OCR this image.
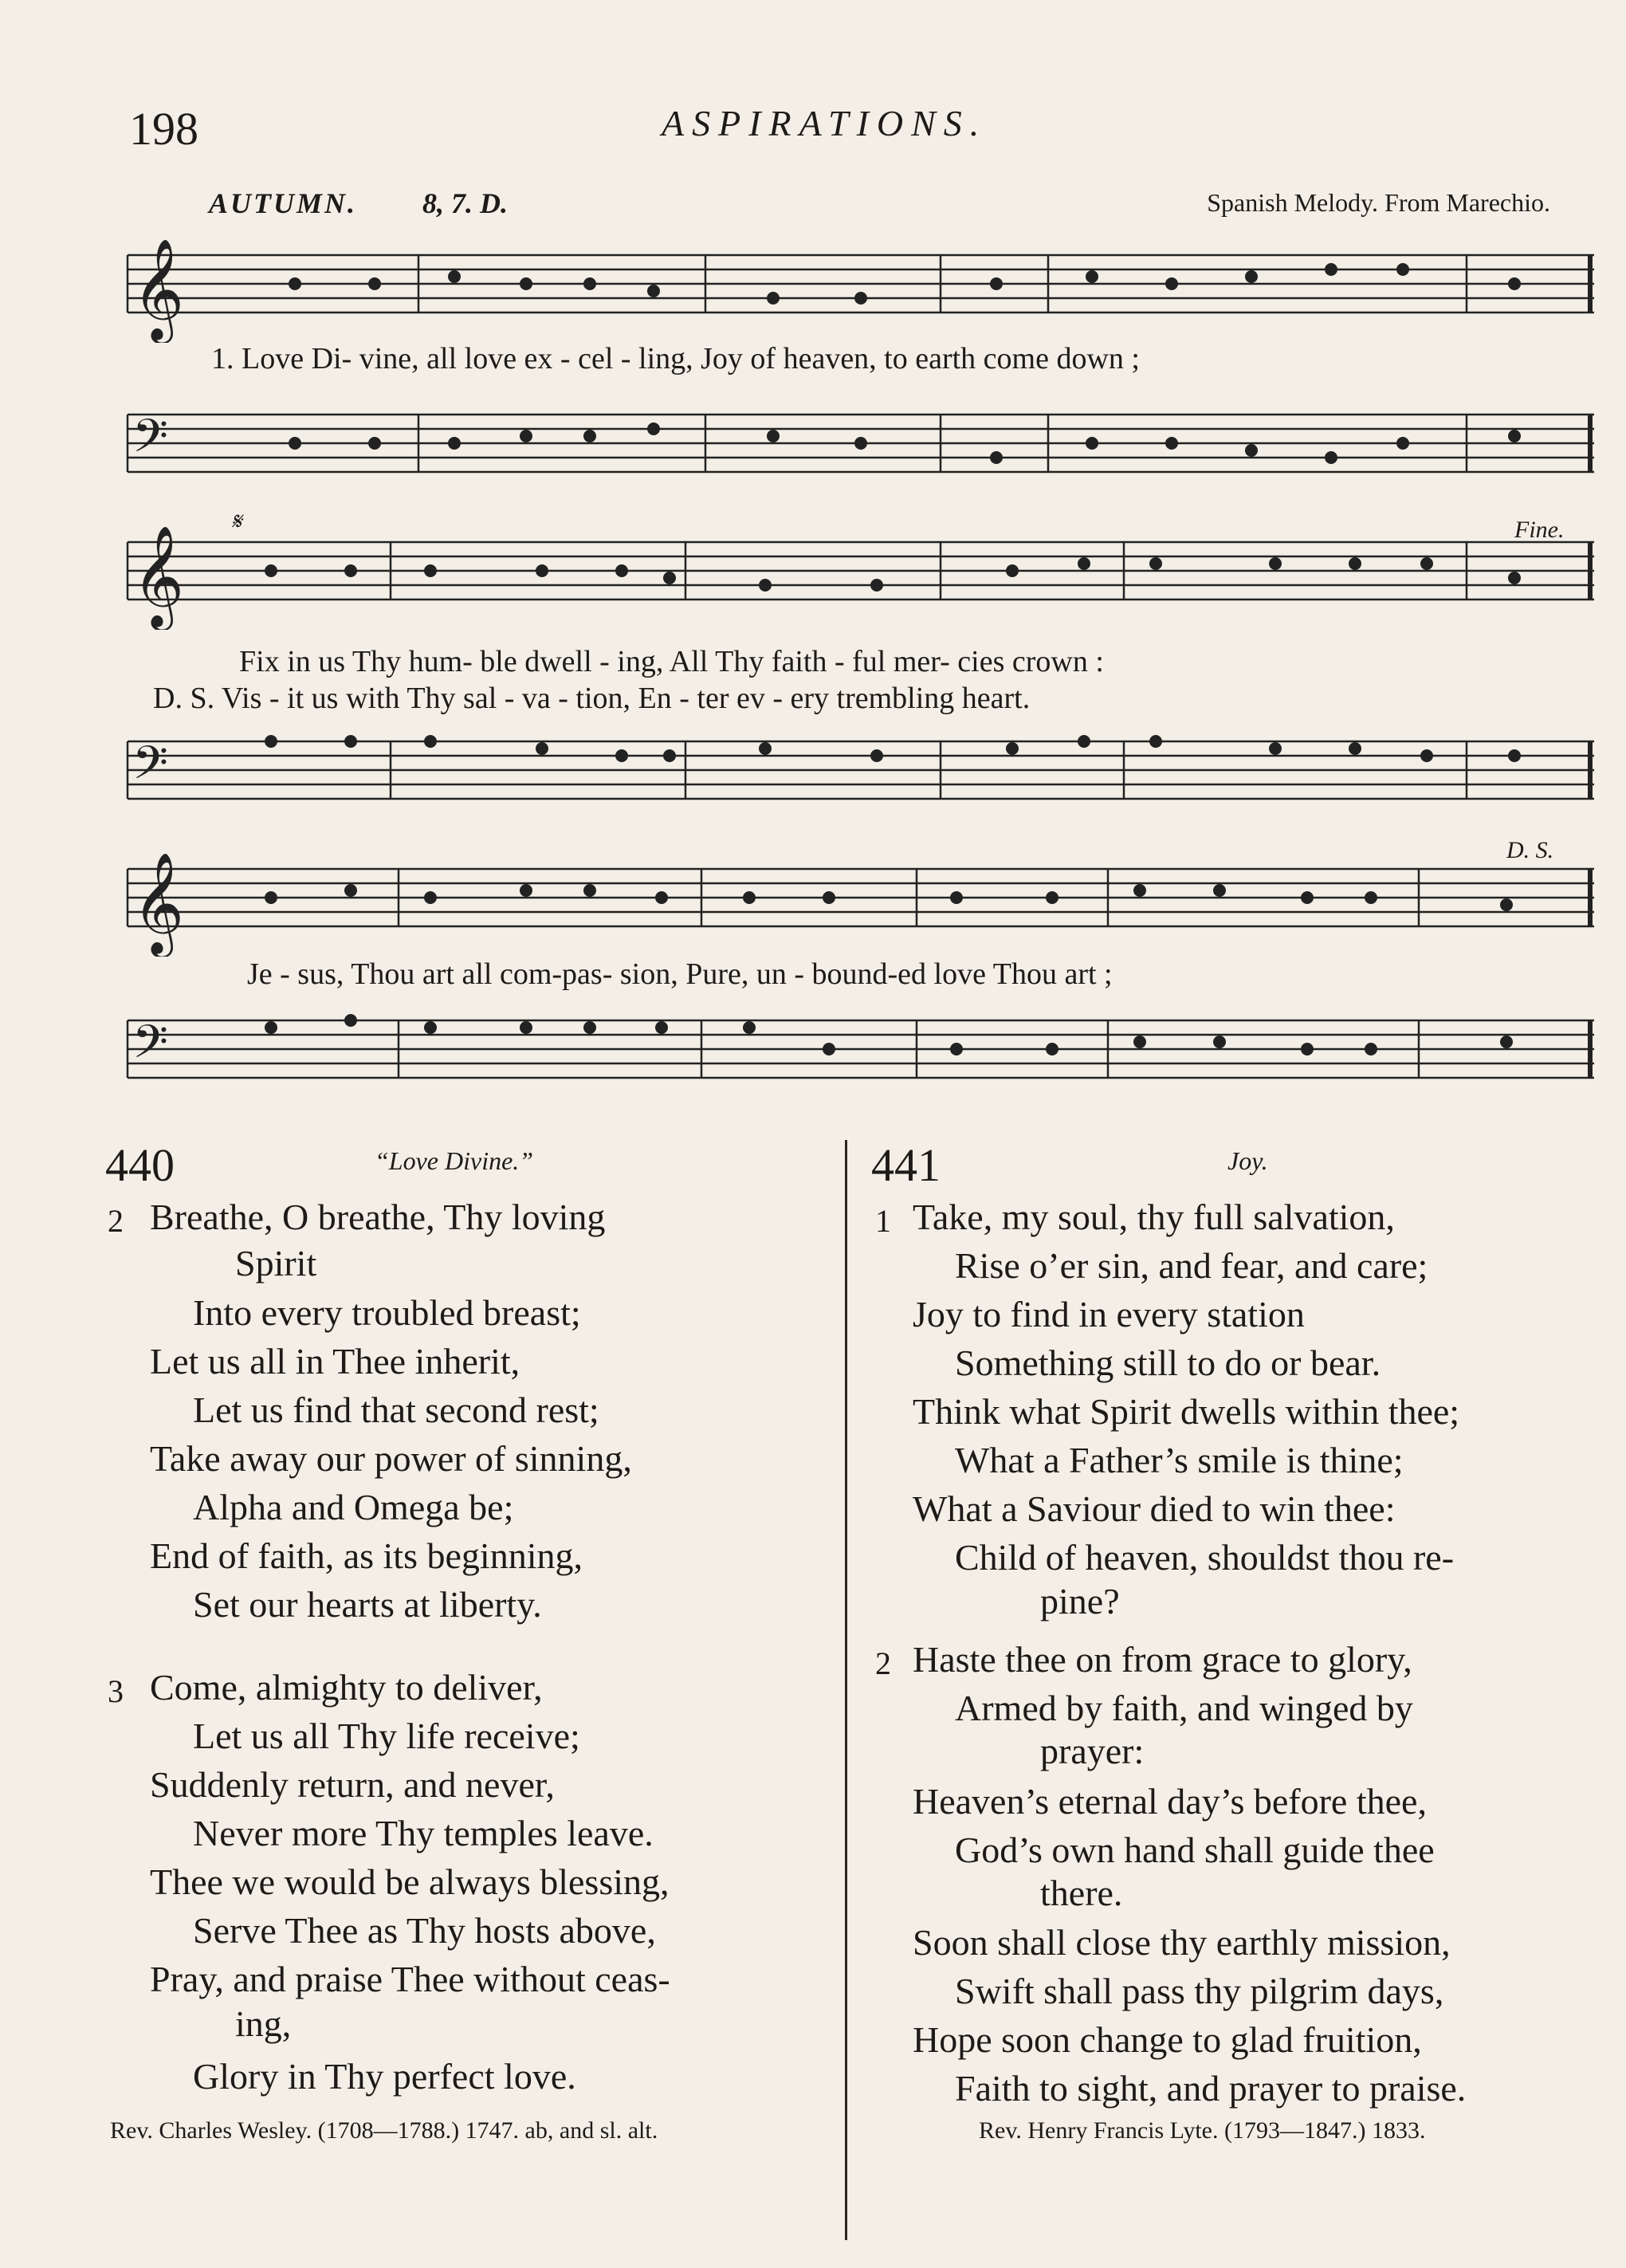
198	ASPIRATIONS.
AUTUMN. 8, 7. D.	Spanish Melody. From Marechio.
𝄞
1. Love Di- vine, all love ex - cel - ling, Joy of heaven, to earth come down ;
𝄢
𝄋	Fine.
𝄞
Fix in us Thy hum- ble dwell - ing, All Thy faith - ful mer- cies crown :
D. S. Vis - it us with Thy sal - va - tion, En - ter ev - ery trembling heart.
𝄢
D. S.
𝄞
Je - sus, Thou art all com-pas- sion, Pure, un - bound-ed love Thou art ;
𝄢
440	“Love Divine.”
2 Breathe, O breathe, Thy loving
Spirit
Into every troubled breast;
Let us all in Thee inherit,
Let us find that second rest;
Take away our power of sinning,
Alpha and Omega be;
End of faith, as its beginning,
Set our hearts at liberty.
3 Come, almighty to deliver,
Let us all Thy life receive;
Suddenly return, and never,
Never more Thy temples leave.
Thee we would be always blessing,
Serve Thee as Thy hosts above,
Pray, and praise Thee without ceas-
ing,
Glory in Thy perfect love.
Rev. Charles Wesley. (1708—1788.) 1747. ab, and sl. alt.
441	Joy.
1 Take, my soul, thy full salvation,
Rise o’er sin, and fear, and care;
Joy to find in every station
Something still to do or bear.
Think what Spirit dwells within thee;
What a Father’s smile is thine;
What a Saviour died to win thee:
Child of heaven, shouldst thou re-
pine?
2 Haste thee on from grace to glory,
Armed by faith, and winged by
prayer:
Heaven’s eternal day’s before thee,
God’s own hand shall guide thee
there.
Soon shall close thy earthly mission,
Swift shall pass thy pilgrim days,
Hope soon change to glad fruition,
Faith to sight, and prayer to praise.
Rev. Henry Francis Lyte. (1793—1847.) 1833.
